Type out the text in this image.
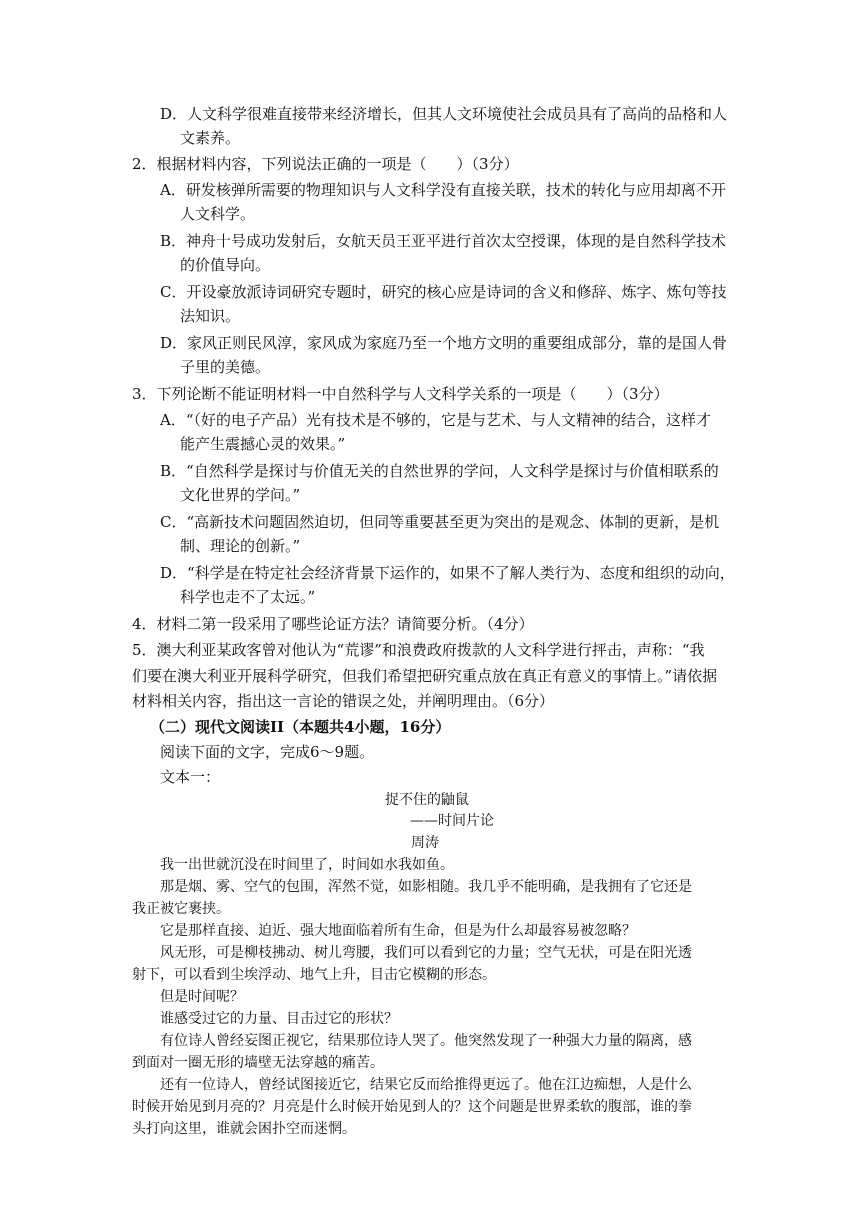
D．人文科学很难直接带来经济增长，但其人文环境使社会成员具有了高尚的品格和人
文素养。
2．根据材料内容，下列说法正确的一项是（　　）（3分）
A．研发核弹所需要的物理知识与人文科学没有直接关联，技术的转化与应用却离不开
人文科学。
B．神舟十号成功发射后，女航天员王亚平进行首次太空授课，体现的是自然科学技术
的价值导向。
C．开设豪放派诗词研究专题时，研究的核心应是诗词的含义和修辞、炼字、炼句等技
法知识。
D．家风正则民风淳，家风成为家庭乃至一个地方文明的重要组成部分，靠的是国人骨
子里的美德。
3．下列论断不能证明材料一中自然科学与人文科学关系的一项是（　　）（3分）
A．“（好的电子产品）光有技术是不够的，它是与艺术、与人文精神的结合，这样才
能产生震撼心灵的效果。”
B．“自然科学是探讨与价值无关的自然世界的学问，人文科学是探讨与价值相联系的
文化世界的学问。”
C．“高新技术问题固然迫切，但同等重要甚至更为突出的是观念、体制的更新，是机
制、理论的创新。”
D．“科学是在特定社会经济背景下运作的，如果不了解人类行为、态度和组织的动向，
科学也走不了太远。”
4．材料二第一段采用了哪些论证方法？请简要分析。（4分）
5．澳大利亚某政客曾对他认为“荒谬”和浪费政府拨款的人文科学进行抨击，声称：“我
们要在澳大利亚开展科学研究，但我们希望把研究重点放在真正有意义的事情上。”请依据
材料相关内容，指出这一言论的错误之处，并阐明理由。（6分）
（二）现代文阅读II（本题共4小题，16分）
阅读下面的文字，完成6～9题。
文本一：
捉不住的鼬鼠
——时间片论
周涛
我一出世就沉没在时间里了，时间如水我如鱼。
那是烟、雾、空气的包围，浑然不觉，如影相随。我几乎不能明确，是我拥有了它还是
我正被它裹挟。
它是那样直接、迫近、强大地面临着所有生命，但是为什么却最容易被忽略？
风无形，可是柳枝拂动、树儿弯腰，我们可以看到它的力量；空气无状，可是在阳光透
射下，可以看到尘埃浮动、地气上升，目击它模糊的形态。
但是时间呢？
谁感受过它的力量、目击过它的形状？
有位诗人曾经妄图正视它，结果那位诗人哭了。他突然发现了一种强大力量的隔离，感
到面对一圈无形的墙壁无法穿越的痛苦。
还有一位诗人，曾经试图接近它，结果它反而给推得更远了。他在江边痴想，人是什么
时候开始见到月亮的？月亮是什么时候开始见到人的？这个问题是世界柔软的腹部，谁的拳
头打向这里，谁就会困扑空而迷惘。
